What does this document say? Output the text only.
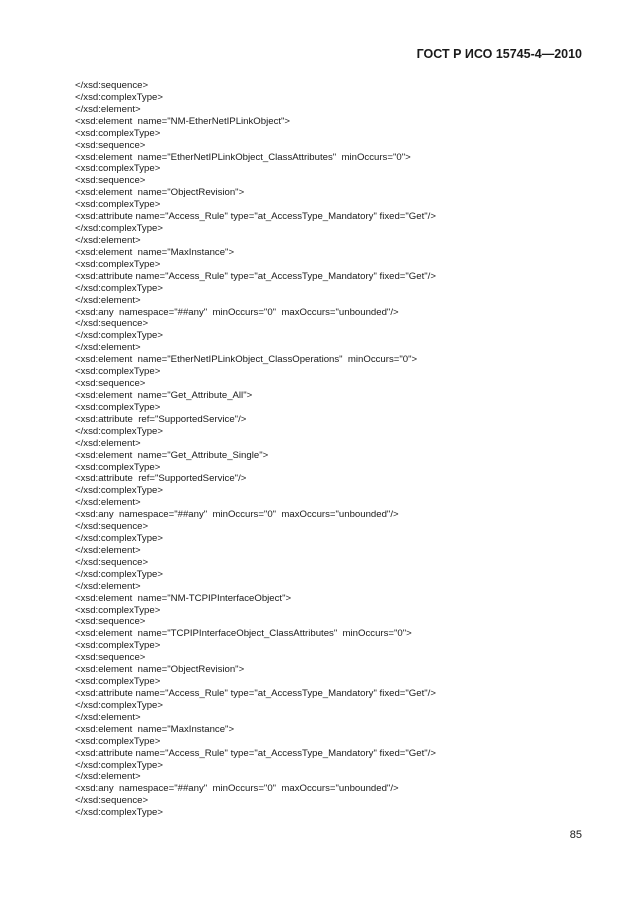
ГОСТ Р ИСО 15745-4—2010
</xsd:sequence>
</xsd:complexType>
</xsd:element>
<xsd:element  name="NM-EtherNetIPLinkObject">
<xsd:complexType>
<xsd:sequence>
<xsd:element  name="EtherNetIPLinkObject_ClassAttributes"  minOccurs="0">
<xsd:complexType>
<xsd:sequence>
<xsd:element  name="ObjectRevision">
<xsd:complexType>
<xsd:attribute name="Access_Rule" type="at_AccessType_Mandatory" fixed="Get"/>
</xsd:complexType>
</xsd:element>
<xsd:element  name="MaxInstance">
<xsd:complexType>
<xsd:attribute name="Access_Rule" type="at_AccessType_Mandatory" fixed="Get"/>
</xsd:complexType>
</xsd:element>
<xsd:any  namespace="##any"  minOccurs="0"  maxOccurs="unbounded"/>
</xsd:sequence>
</xsd:complexType>
</xsd:element>
<xsd:element  name="EtherNetIPLinkObject_ClassOperations"  minOccurs="0">
<xsd:complexType>
<xsd:sequence>
<xsd:element  name="Get_Attribute_All">
<xsd:complexType>
<xsd:attribute  ref="SupportedService"/>
</xsd:complexType>
</xsd:element>
<xsd:element  name="Get_Attribute_Single">
<xsd:complexType>
<xsd:attribute  ref="SupportedService"/>
</xsd:complexType>
</xsd:element>
<xsd:any  namespace="##any"  minOccurs="0"  maxOccurs="unbounded"/>
</xsd:sequence>
</xsd:complexType>
</xsd:element>
</xsd:sequence>
</xsd:complexType>
</xsd:element>
<xsd:element  name="NM-TCPIPInterfaceObject">
<xsd:complexType>
<xsd:sequence>
<xsd:element  name="TCPIPInterfaceObject_ClassAttributes"  minOccurs="0">
<xsd:complexType>
<xsd:sequence>
<xsd:element  name="ObjectRevision">
<xsd:complexType>
<xsd:attribute name="Access_Rule" type="at_AccessType_Mandatory" fixed="Get"/>
</xsd:complexType>
</xsd:element>
<xsd:element  name="MaxInstance">
<xsd:complexType>
<xsd:attribute name="Access_Rule" type="at_AccessType_Mandatory" fixed="Get"/>
</xsd:complexType>
</xsd:element>
<xsd:any  namespace="##any"  minOccurs="0"  maxOccurs="unbounded"/>
</xsd:sequence>
</xsd:complexType>
85
